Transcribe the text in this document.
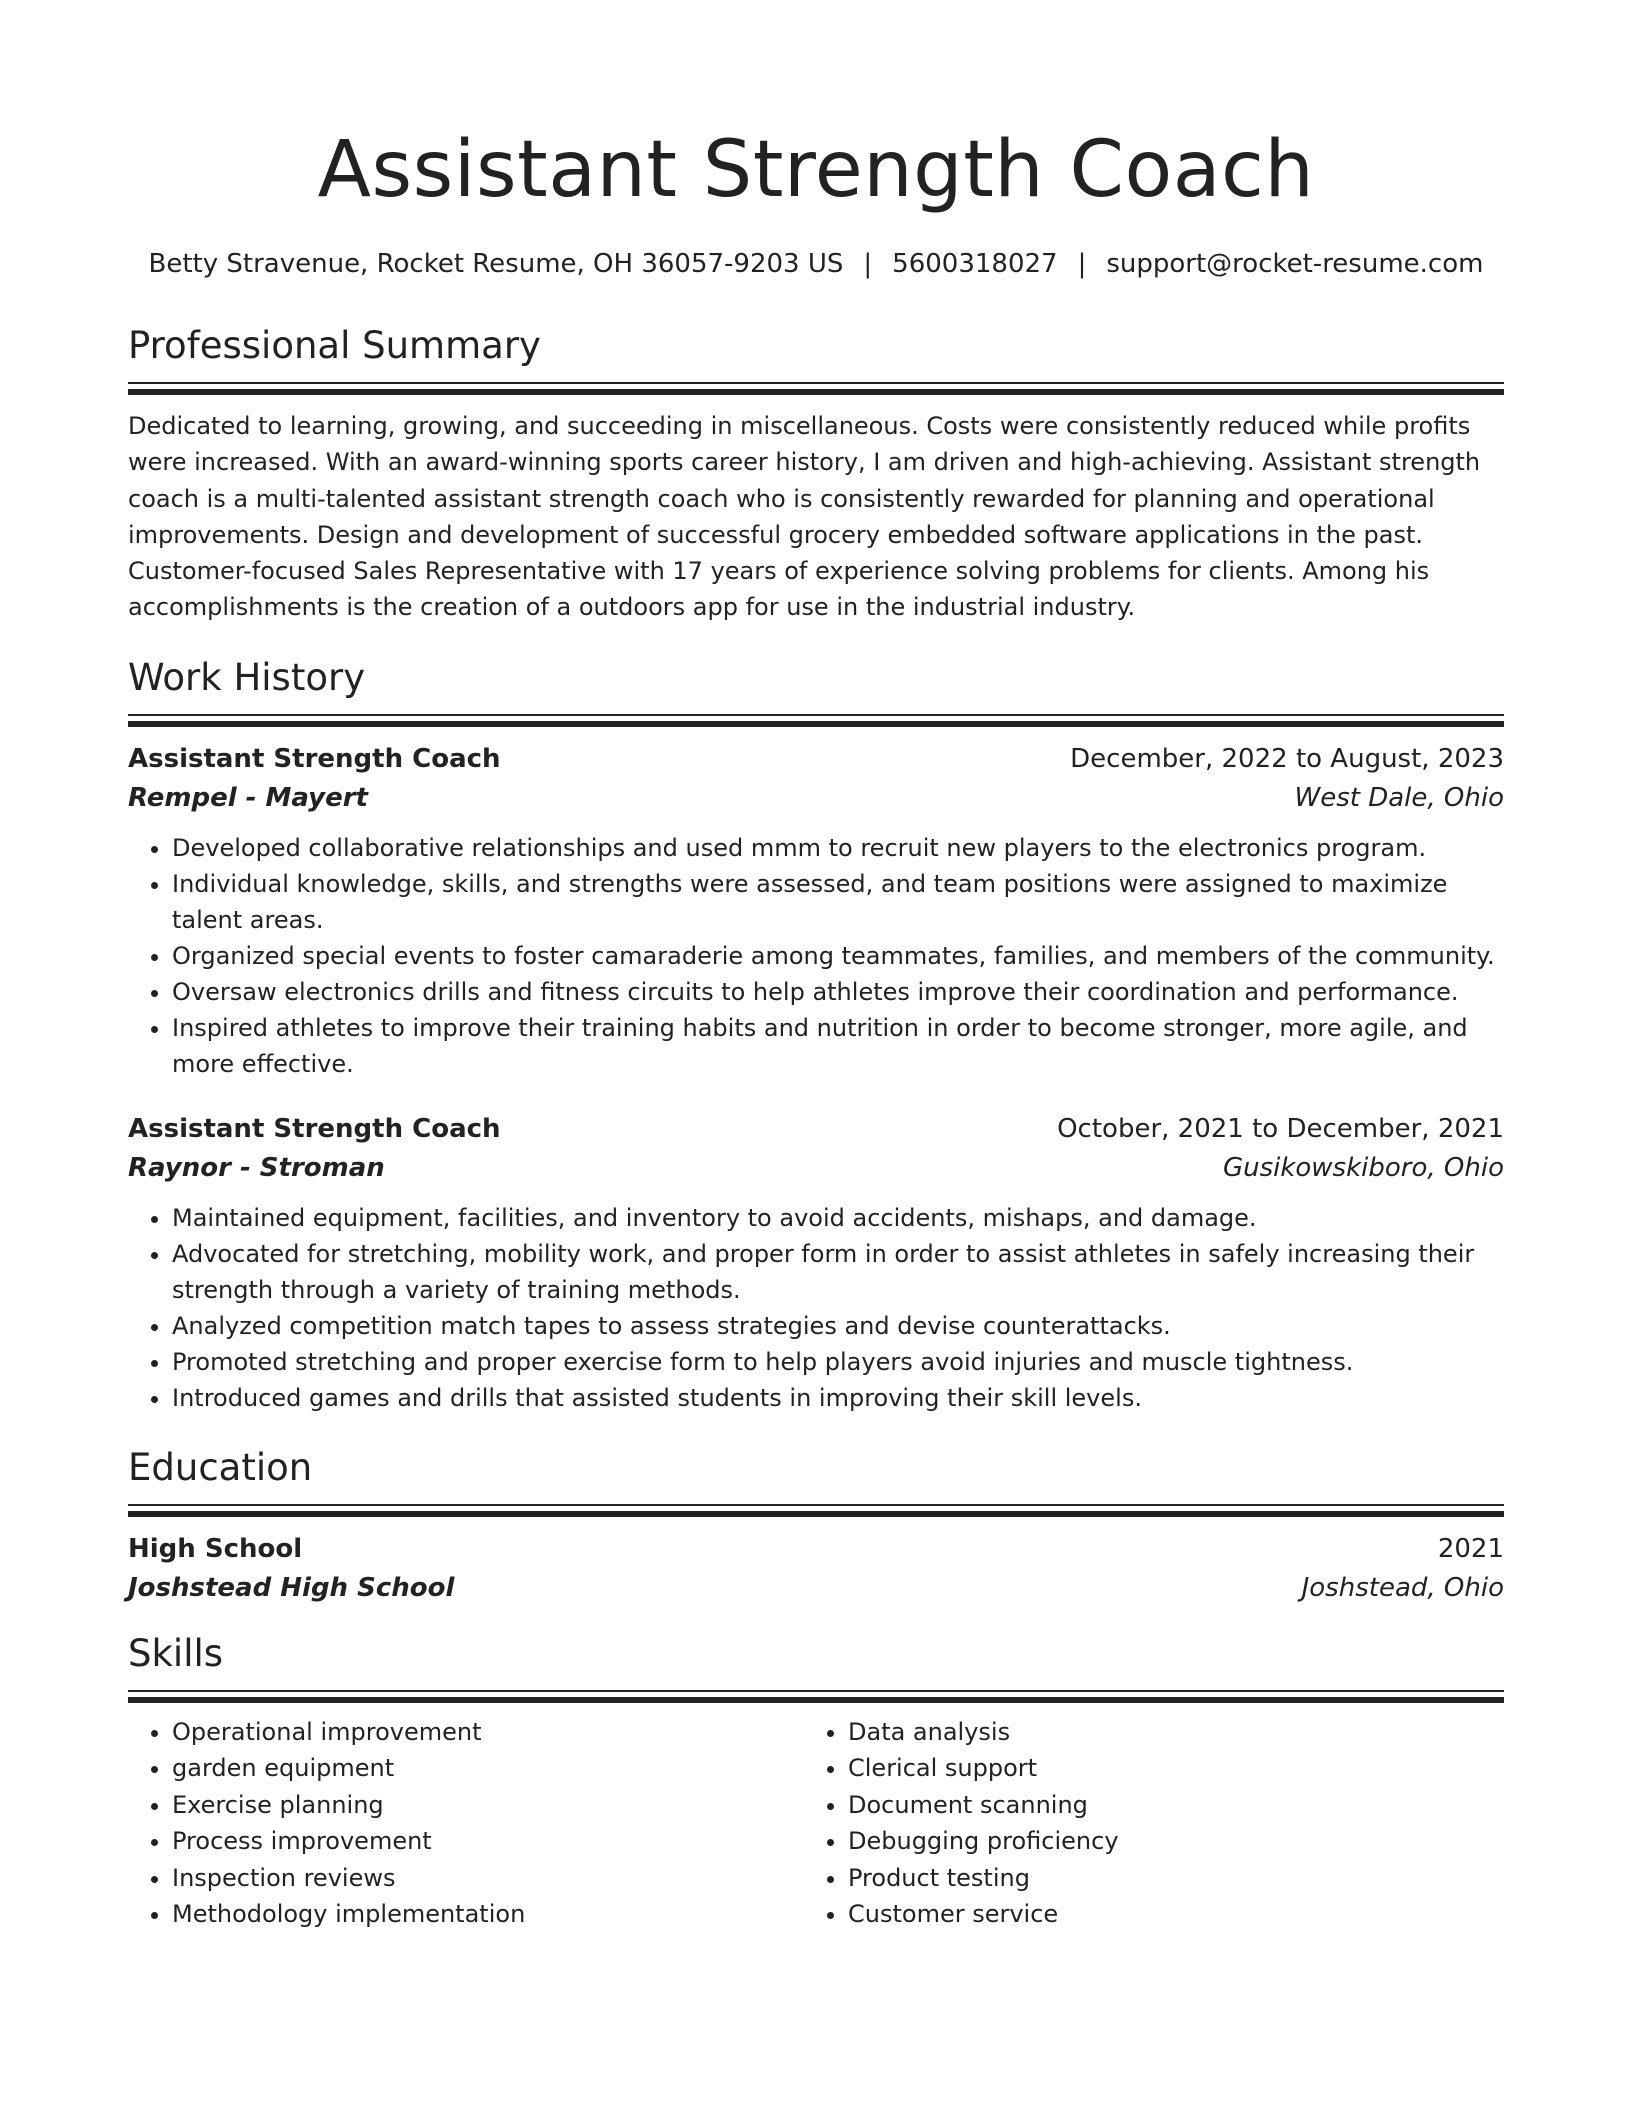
Assistant Strength Coach
Betty Stravenue, Rocket Resume, OH 36057-9203 US | 5600318027 | support@rocket-resume.com
Professional Summary
Dedicated to learning, growing, and succeeding in miscellaneous. Costs were consistently reduced while profits were increased. With an award-winning sports career history, I am driven and high-achieving. Assistant strength coach is a multi-talented assistant strength coach who is consistently rewarded for planning and operational improvements. Design and development of successful grocery embedded software applications in the past. Customer-focused Sales Representative with 17 years of experience solving problems for clients. Among his accomplishments is the creation of a outdoors app for use in the industrial industry.
Work History
Assistant Strength Coach	December, 2022 to August, 2023
Rempel - Mayert	West Dale, Ohio
• Developed collaborative relationships and used mmm to recruit new players to the electronics program.
• Individual knowledge, skills, and strengths were assessed, and team positions were assigned to maximize talent areas.
• Organized special events to foster camaraderie among teammates, families, and members of the community.
• Oversaw electronics drills and fitness circuits to help athletes improve their coordination and performance.
• Inspired athletes to improve their training habits and nutrition in order to become stronger, more agile, and more effective.
Assistant Strength Coach	October, 2021 to December, 2021
Raynor - Stroman	Gusikowskiboro, Ohio
• Maintained equipment, facilities, and inventory to avoid accidents, mishaps, and damage.
• Advocated for stretching, mobility work, and proper form in order to assist athletes in safely increasing their strength through a variety of training methods.
• Analyzed competition match tapes to assess strategies and devise counterattacks.
• Promoted stretching and proper exercise form to help players avoid injuries and muscle tightness.
• Introduced games and drills that assisted students in improving their skill levels.
Education
High School	2021
Joshstead High School	Joshstead, Ohio
Skills
• Operational improvement
• garden equipment
• Exercise planning
• Process improvement
• Inspection reviews
• Methodology implementation
• Data analysis
• Clerical support
• Document scanning
• Debugging proficiency
• Product testing
• Customer service
